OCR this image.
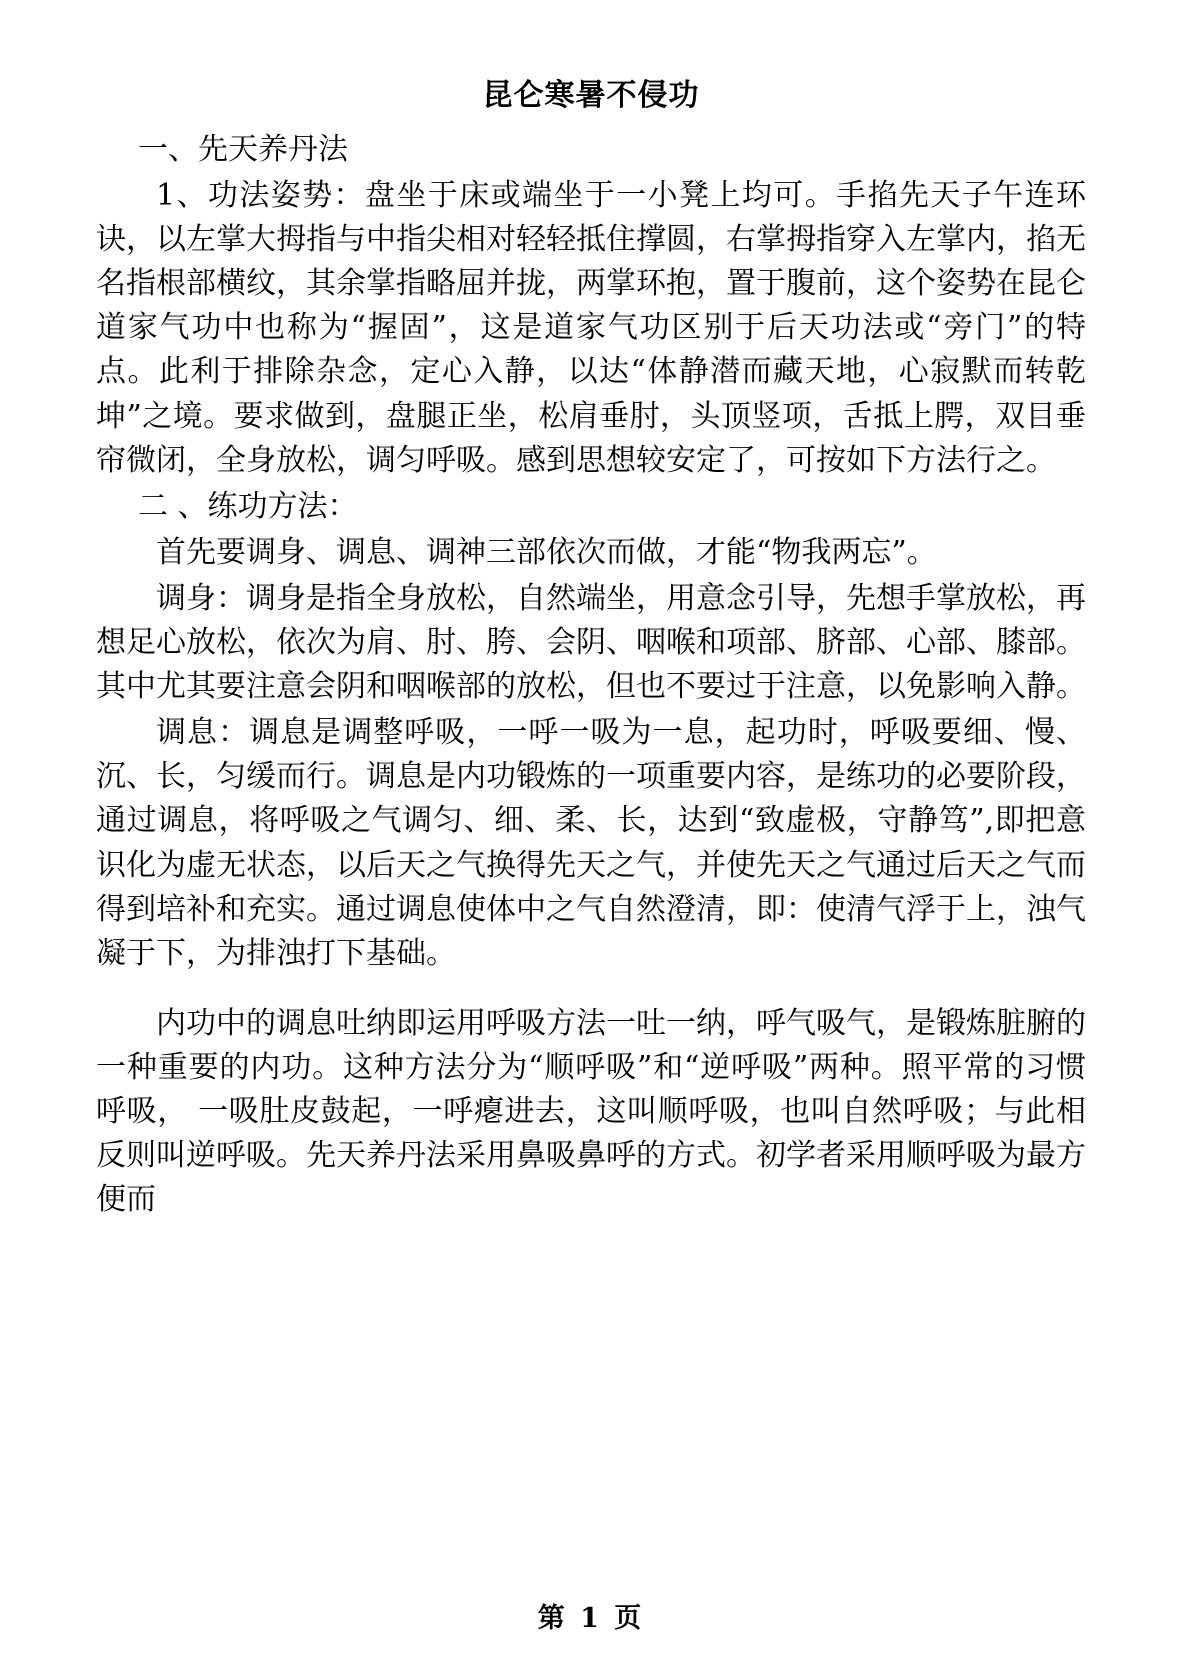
昆仑寒暑不侵功

一、先天养丹法

1、功法姿势：盘坐于床或端坐于一小凳上均可。手掐先天子午连环诀，以左掌大拇指与中指尖相对轻轻抵住撑圆，右掌拇指穿入左掌内，掐无名指根部横纹，其余掌指略屈并拢，两掌环抱，置于腹前，这个姿势在昆仑道家气功中也称为“握固”，这是道家气功区别于后天功法或“旁门”的特点。此利于排除杂念，定心入静，以达“体静潜而藏天地，心寂默而转乾坤”之境。要求做到，盘腿正坐，松肩垂肘，头顶竖项，舌抵上腭，双目垂帘微闭，全身放松，调匀呼吸。感到思想较安定了，可按如下方法行之。

二 、练功方法：

首先要调身、调息、调神三部依次而做，才能“物我两忘”。

调身：调身是指全身放松，自然端坐，用意念引导，先想手掌放松，再想足心放松，依次为肩、肘、胯、会阴、咽喉和项部、脐部、心部、膝部。其中尤其要注意会阴和咽喉部的放松，但也不要过于注意，以免影响入静。

调息：调息是调整呼吸，一呼一吸为一息，起功时，呼吸要细、慢、沉、长，匀缓而行。调息是内功锻炼的一项重要内容，是练功的必要阶段，通过调息，将呼吸之气调匀、细、柔、长，达到“致虚极，守静笃”,即把意识化为虚无状态，以后天之气换得先天之气，并使先天之气通过后天之气而得到培补和充实。通过调息使体中之气自然澄清，即：使清气浮于上，浊气凝于下，为排浊打下基础。

内功中的调息吐纳即运用呼吸方法一吐一纳，呼气吸气，是锻炼脏腑的一种重要的内功。这种方法分为“顺呼吸”和“逆呼吸”两种。照平常的习惯呼吸， 一吸肚皮鼓起，一呼瘪进去，这叫顺呼吸，也叫自然呼吸；与此相反则叫逆呼吸。先天养丹法采用鼻吸鼻呼的方式。初学者采用顺呼吸为最方便而

第 1 页
